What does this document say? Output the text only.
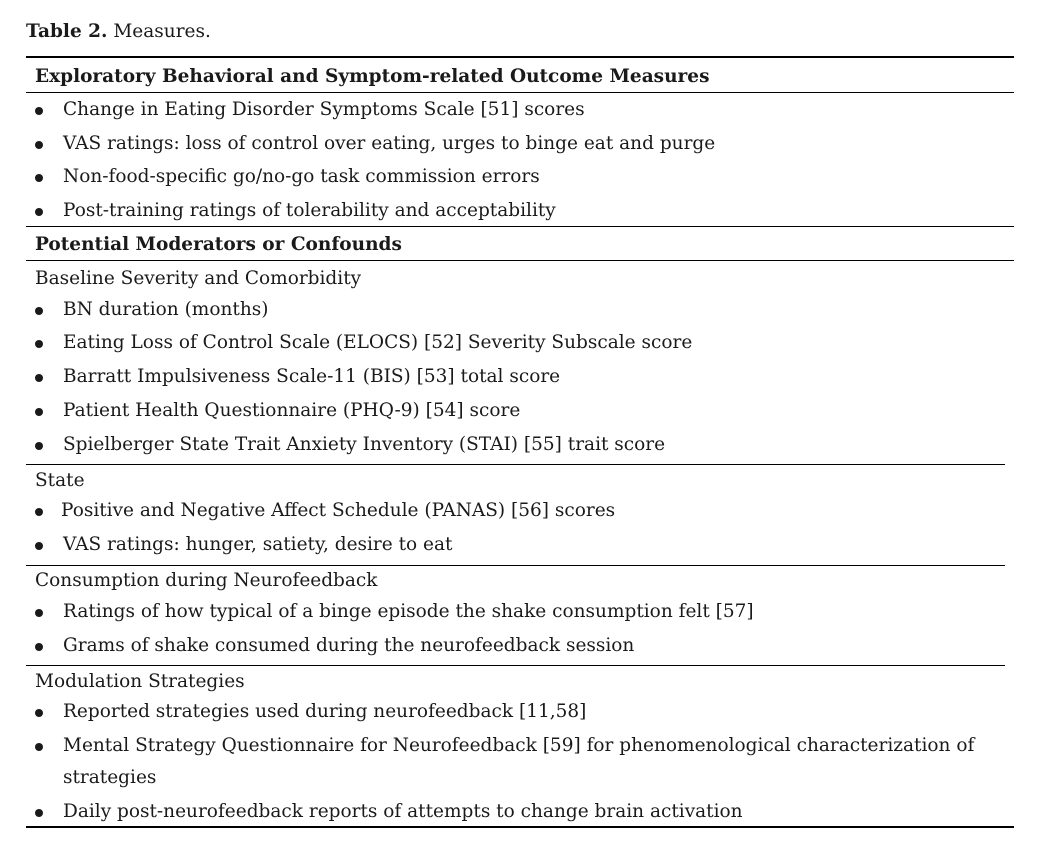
Table 2. Measures.
Exploratory Behavioral and Symptom-related Outcome Measures
Change in Eating Disorder Symptoms Scale [51] scores
VAS ratings: loss of control over eating, urges to binge eat and purge
Non-food-specific go/no-go task commission errors
Post-training ratings of tolerability and acceptability
Potential Moderators or Confounds
Baseline Severity and Comorbidity
BN duration (months)
Eating Loss of Control Scale (ELOCS) [52] Severity Subscale score
Barratt Impulsiveness Scale-11 (BIS) [53] total score
Patient Health Questionnaire (PHQ-9) [54] score
Spielberger State Trait Anxiety Inventory (STAI) [55] trait score
State
Positive and Negative Affect Schedule (PANAS) [56] scores
VAS ratings: hunger, satiety, desire to eat
Consumption during Neurofeedback
Ratings of how typical of a binge episode the shake consumption felt [57]
Grams of shake consumed during the neurofeedback session
Modulation Strategies
Reported strategies used during neurofeedback [11,58]
Mental Strategy Questionnaire for Neurofeedback [59] for phenomenological characterization of
strategies
Daily post-neurofeedback reports of attempts to change brain activation
